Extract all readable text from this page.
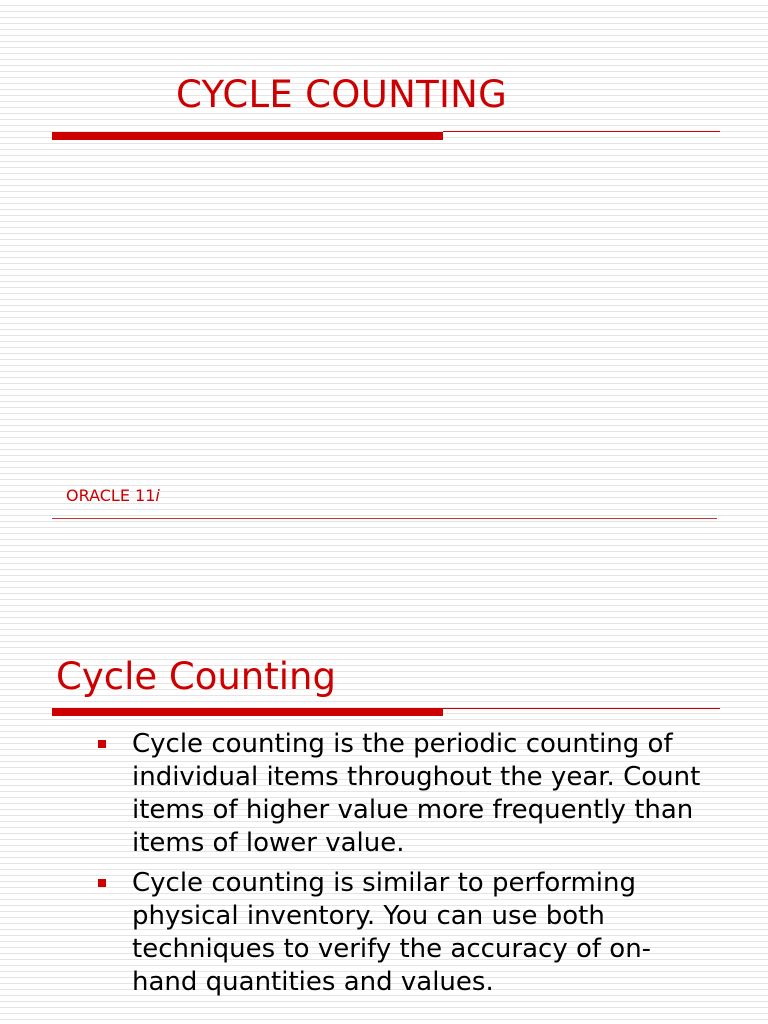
CYCLE COUNTING

ORACLE 11i

Cycle Counting
Cycle counting is the periodic counting of individual items throughout the year. Count items of higher value more frequently than items of lower value.
Cycle counting is similar to performing physical inventory. You can use both techniques to verify the accuracy of on-hand quantities and values.
